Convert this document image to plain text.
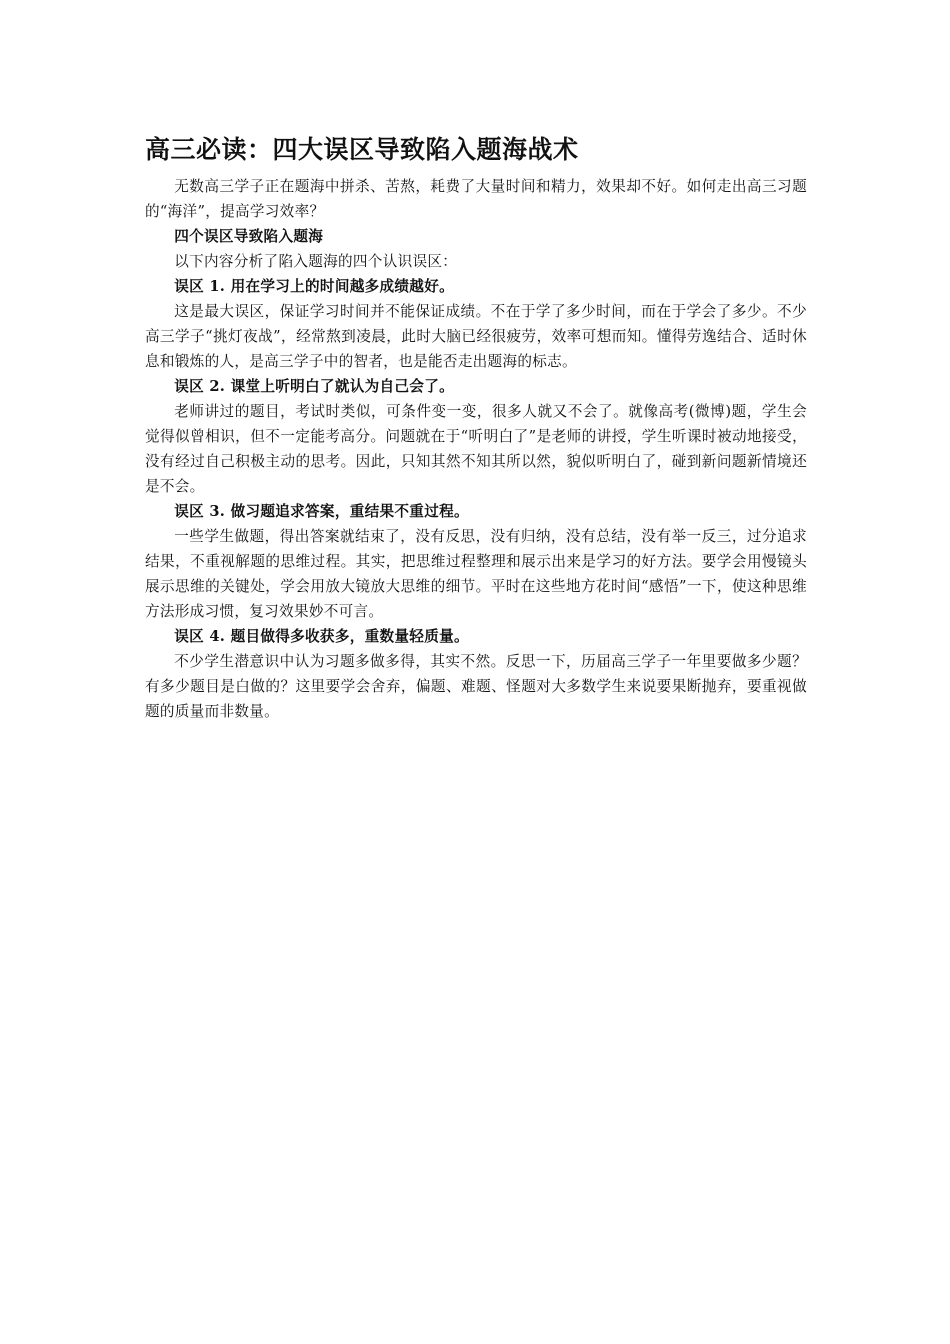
高三必读：四大误区导致陷入题海战术

无数高三学子正在题海中拼杀、苦熬，耗费了大量时间和精力，效果却不好。如何走出高三习题的“海洋”，提高学习效率？

四个误区导致陷入题海

以下内容分析了陷入题海的四个认识误区：

误区 1. 用在学习上的时间越多成绩越好。

这是最大误区，保证学习时间并不能保证成绩。不在于学了多少时间，而在于学会了多少。不少高三学子“挑灯夜战”，经常熬到凌晨，此时大脑已经很疲劳，效率可想而知。懂得劳逸结合、适时休息和锻炼的人，是高三学子中的智者，也是能否走出题海的标志。

误区 2. 课堂上听明白了就认为自己会了。

老师讲过的题目，考试时类似，可条件变一变，很多人就又不会了。就像高考(微博)题，学生会觉得似曾相识，但不一定能考高分。问题就在于“听明白了”是老师的讲授，学生听课时被动地接受，没有经过自己积极主动的思考。因此，只知其然不知其所以然，貌似听明白了，碰到新问题新情境还是不会。

误区 3. 做习题追求答案，重结果不重过程。

一些学生做题，得出答案就结束了，没有反思，没有归纳，没有总结，没有举一反三，过分追求结果，不重视解题的思维过程。其实，把思维过程整理和展示出来是学习的好方法。要学会用慢镜头展示思维的关键处，学会用放大镜放大思维的细节。平时在这些地方花时间“感悟”一下，使这种思维方法形成习惯，复习效果妙不可言。

误区 4. 题目做得多收获多，重数量轻质量。

不少学生潜意识中认为习题多做多得，其实不然。反思一下，历届高三学子一年里要做多少题？有多少题目是白做的？这里要学会舍弃，偏题、难题、怪题对大多数学生来说要果断抛弃，要重视做题的质量而非数量。
